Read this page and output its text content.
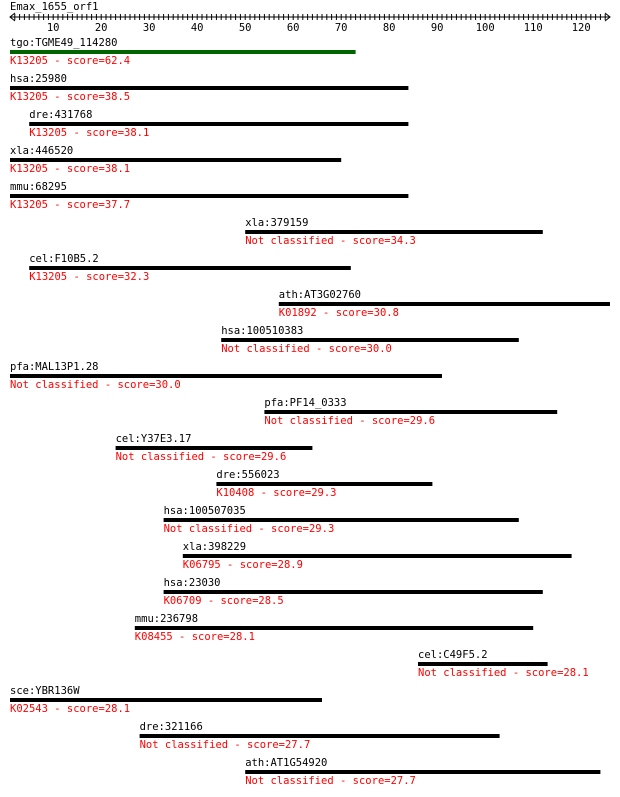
Emax_1655_orf1
10	20	30	40	50	60	70	80	90	100	110	120
tgo:TGME49_114280
K13205 - score=62.4
hsa:25980
K13205 - score=38.5
dre:431768
K13205 - score=38.1
xla:446520
K13205 - score=38.1
mmu:68295
K13205 - score=37.7
xla:379159
Not classified - score=34.3
cel:F10B5.2
K13205 - score=32.3
ath:AT3G02760
K01892 - score=30.8
hsa:100510383
Not classified - score=30.0
pfa:MAL13P1.28
Not classified - score=30.0
pfa:PF14_0333
Not classified - score=29.6
cel:Y37E3.17
Not classified - score=29.6
dre:556023
K10408 - score=29.3
hsa:100507035
Not classified - score=29.3
xla:398229
K06795 - score=28.9
hsa:23030
K06709 - score=28.5
mmu:236798
K08455 - score=28.1
cel:C49F5.2
Not classified - score=28.1
sce:YBR136W
K02543 - score=28.1
dre:321166
Not classified - score=27.7
ath:AT1G54920
Not classified - score=27.7
